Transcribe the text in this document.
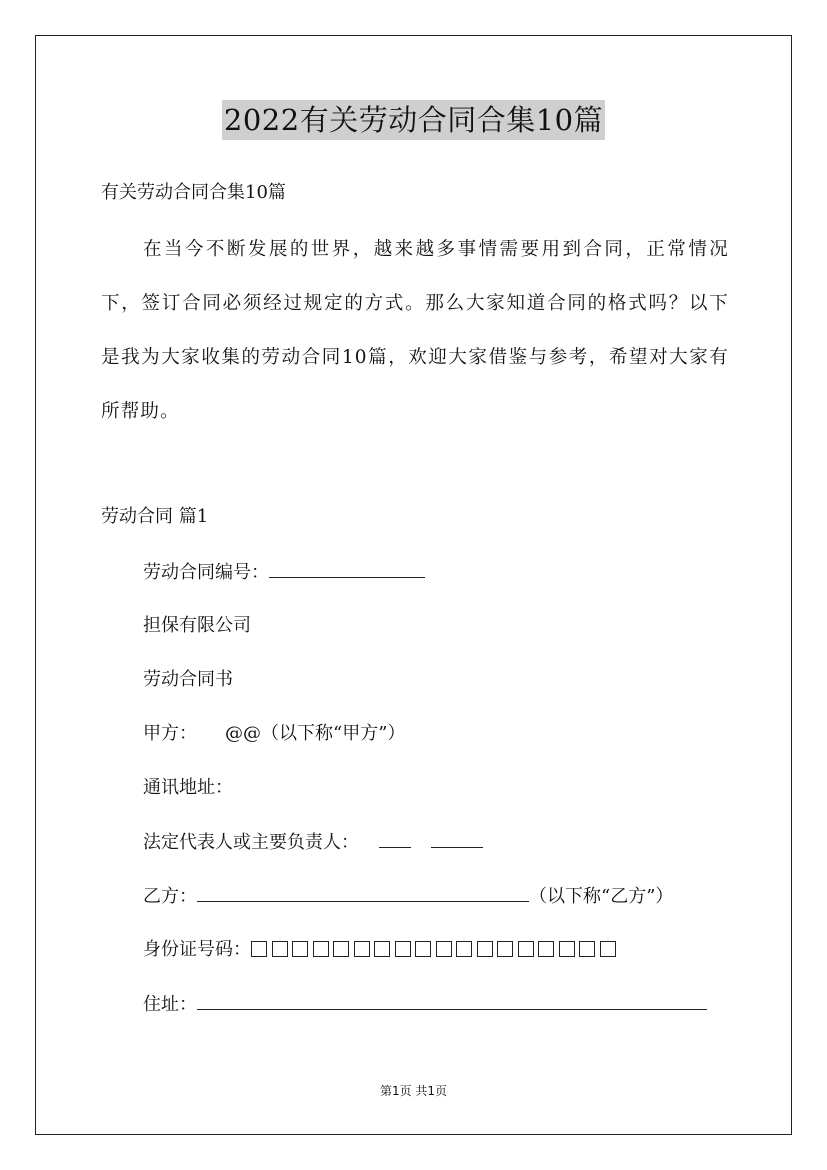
2022有关劳动合同合集10篇
有关劳动合同合集10篇
在当今不断发展的世界，越来越多事情需要用到合同，正常情况下，签订合同必须经过规定的方式。那么大家知道合同的格式吗？以下是我为大家收集的劳动合同10篇，欢迎大家借鉴与参考，希望对大家有所帮助。
劳动合同 篇1
劳动合同编号：
担保有限公司
劳动合同书
甲方： @@（以下称“甲方”）
通讯地址：
法定代表人或主要负责人：
乙方：	（以下称“乙方”）
身份证号码：
住址：
第1页 共1页
